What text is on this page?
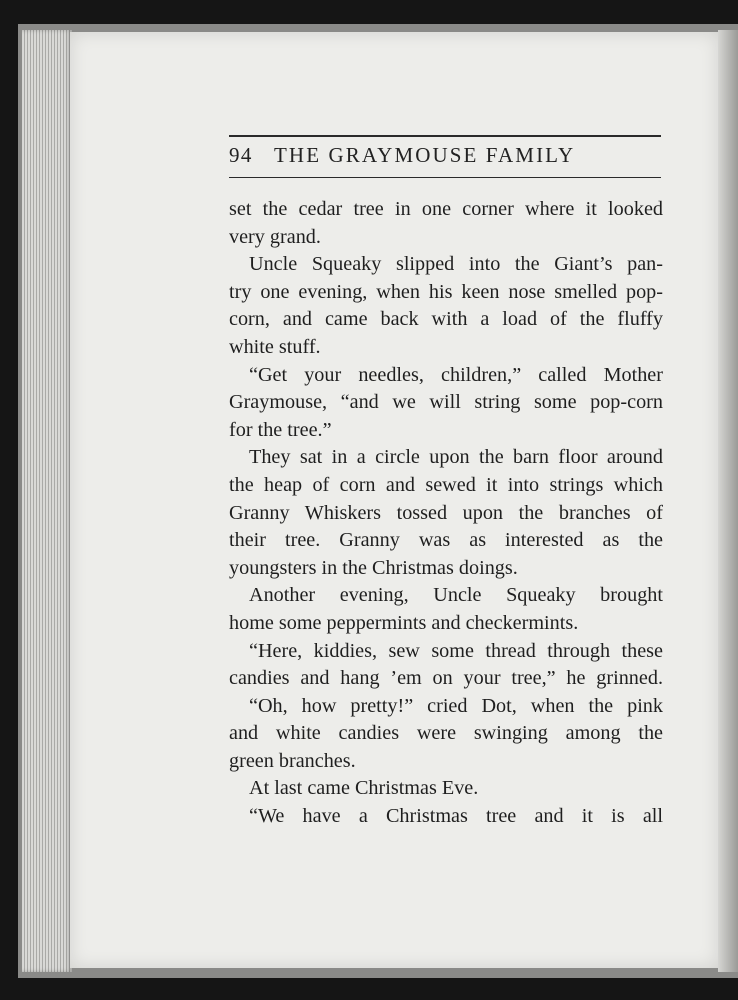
94 THE GRAYMOUSE FAMILY
set the cedar tree in one corner where it looked
very grand.
Uncle Squeaky slipped into the Giant’s pan-
try one evening, when his keen nose smelled pop-
corn, and came back with a load of the fluffy
white stuff.
“Get your needles, children,” called Mother
Graymouse, “and we will string some pop-corn
for the tree.”
They sat in a circle upon the barn floor around
the heap of corn and sewed it into strings which
Granny Whiskers tossed upon the branches of
their tree. Granny was as interested as the
youngsters in the Christmas doings.
Another evening, Uncle Squeaky brought
home some peppermints and checkermints.
“Here, kiddies, sew some thread through these
candies and hang ’em on your tree,” he grinned.
“Oh, how pretty!” cried Dot, when the pink
and white candies were swinging among the
green branches.
At last came Christmas Eve.
“We have a Christmas tree and it is all
